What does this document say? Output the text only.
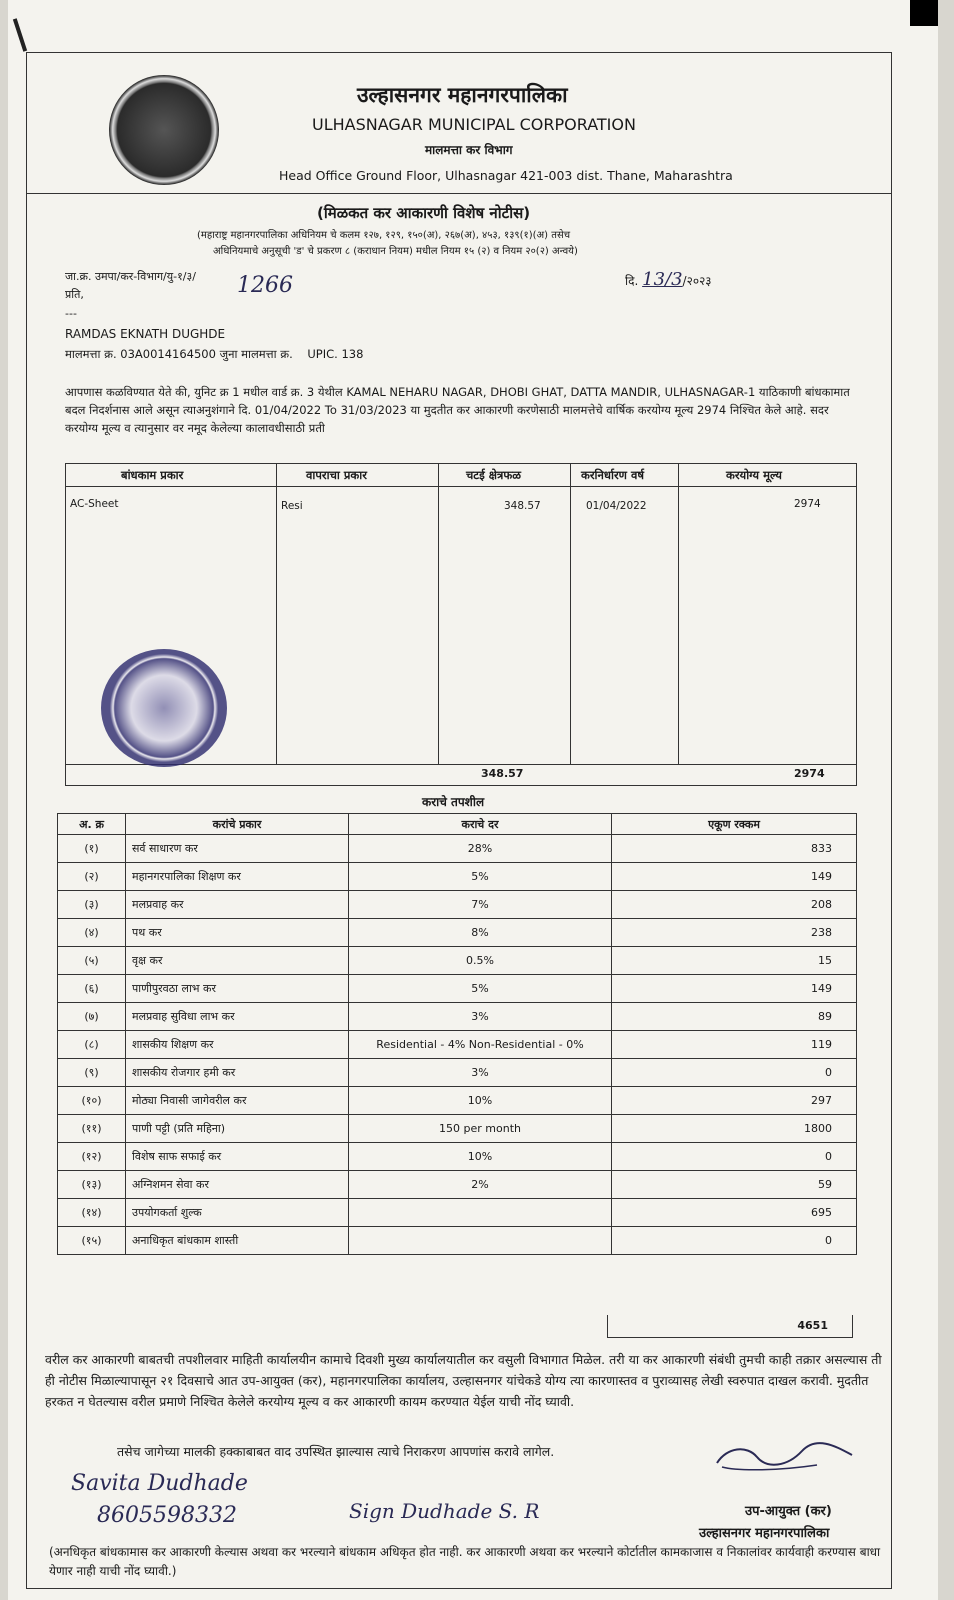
उल्हासनगर महानगरपालिका
ULHASNAGAR MUNICIPAL CORPORATION
मालमत्ता कर विभाग
Head Office Ground Floor, Ulhasnagar 421-003 dist. Thane, Maharashtra
(मिळकत कर आकारणी विशेष नोटीस)
(महाराष्ट्र महानगरपालिका अधिनियम चे कलम १२७, १२९, १५०(अ), २६७(अ), ४५३, १३९(१)(अ) तसेच
अधिनियमाचे अनुसूची 'ड' चे प्रकरण ८ (कराधान नियम) मधील नियम १५ (२) व नियम २०(२) अन्वये)
जा.क्र. उमपा/कर-विभाग/यु-१/३/ 1266	दि. 13/3/२०२३
प्रति,
---
RAMDAS EKNATH DUGHDE
मालमत्ता क्र. 03A0014164500 जुना मालमत्ता क्र. UPIC. 138
आपणास कळविण्यात येते की, युनिट क्र 1 मधील वार्ड क्र. 3 येथील KAMAL NEHARU NAGAR, DHOBI GHAT, DATTA MANDIR, ULHASNAGAR-1 याठिकाणी बांधकामात बदल निदर्शनास आले असून त्याअनुशंगाने दि. 01/04/2022 To 31/03/2023 या मुदतीत कर आकारणी करणेसाठी मालमत्तेचे वार्षिक करयोग्य मूल्य 2974 निश्चित केले आहे. सदर करयोग्य मूल्य व त्यानुसार वर नमूद केलेल्या कालावधीसाठी प्रती
बांधकाम प्रकार	वापराचा प्रकार	चटई क्षेत्रफळ	करनिर्धारण वर्ष	करयोग्य मूल्य
AC-Sheet	Resi	348.57	01/04/2022	2974
348.57	2974
कराचे तपशील
अ. क्र	करांचे प्रकार	कराचे दर	एकूण रक्कम
(१)	सर्व साधारण कर	28%	833
(२)	महानगरपालिका शिक्षण कर	5%	149
(३)	मलप्रवाह कर	7%	208
(४)	पथ कर	8%	238
(५)	वृक्ष कर	0.5%	15
(६)	पाणीपुरवठा लाभ कर	5%	149
(७)	मलप्रवाह सुविधा लाभ कर	3%	89
(८)	शासकीय शिक्षण कर	Residential - 4% Non-Residential - 0%	119
(९)	शासकीय रोजगार हमी कर	3%	0
(१०)	मोठ्या निवासी जागेवरील कर	10%	297
(११)	पाणी पट्टी (प्रति महिना)	150 per month	1800
(१२)	विशेष साफ सफाई कर	10%	0
(१३)	अग्निशमन सेवा कर	2%	59
(१४)	उपयोगकर्ता शुल्क		695
(१५)	अनाधिकृत बांधकाम शास्ती		0
4651
वरील कर आकारणी बाबतची तपशीलवार माहिती कार्यालयीन कामाचे दिवशी मुख्य कार्यालयातील कर वसुली विभागात मिळेल. तरी या कर आकारणी संबंधी तुमची काही तक्रार असल्यास ती ही नोटीस मिळाल्यापासून २१ दिवसाचे आत उप-आयुक्त (कर), महानगरपालिका कार्यालय, उल्हासनगर यांचेकडे योग्य त्या कारणास्तव व पुराव्यासह लेखी स्वरुपात दाखल करावी. मुदतीत हरकत न घेतल्यास वरील प्रमाणे निश्चित केलेले करयोग्य मूल्य व कर आकारणी कायम करण्यात येईल याची नोंद घ्यावी.
तसेच जागेच्या मालकी हक्काबाबत वाद उपस्थित झाल्यास त्याचे निराकरण आपणांस करावे लागेल.
Savita Dudhade
8605598332	Sign Dudhade S. R	उप-आयुक्त (कर)
उल्हासनगर महानगरपालिका
(अनधिकृत बांधकामास कर आकारणी केल्यास अथवा कर भरल्याने बांधकाम अधिकृत होत नाही. कर आकारणी अथवा कर भरल्याने कोर्टातील कामकाजास व निकालांवर कार्यवाही करण्यास बाधा येणार नाही याची नोंद घ्यावी.)
